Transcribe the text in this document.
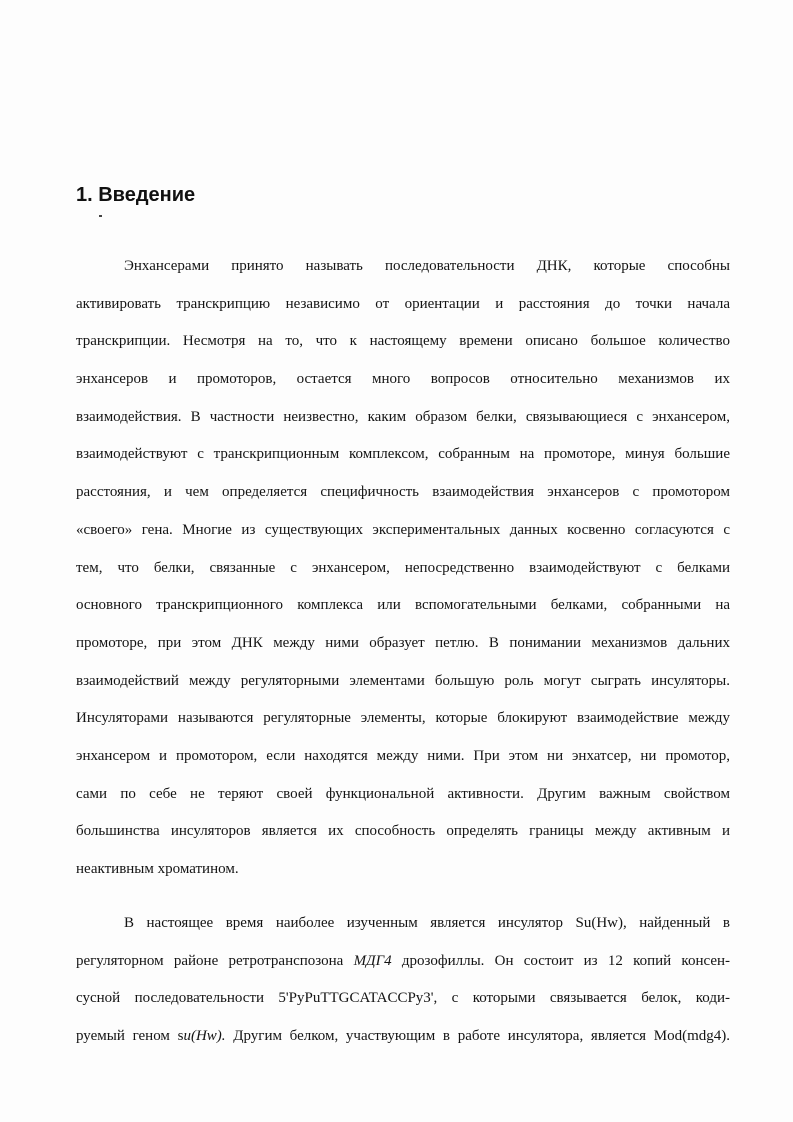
1. Введение
Энхансерами принято называть последовательности ДНК, которые способны
активировать транскрипцию независимо от ориентации и расстояния до точки начала
транскрипции. Несмотря на то, что к настоящему времени описано большое количество
энхансеров и промоторов, остается много вопросов относительно механизмов их
взаимодействия. В частности неизвестно, каким образом белки, связывающиеся с энхансером,
взаимодействуют с транскрипционным комплексом, собранным на промоторе, минуя большие
расстояния, и чем определяется специфичность взаимодействия энхансеров с промотором
«своего» гена. Многие из существующих экспериментальных данных косвенно согласуются с
тем, что белки, связанные с энхансером, непосредственно взаимодействуют с белками
основного транскрипционного комплекса или вспомогательными белками, собранными на
промоторе, при этом ДНК между ними образует петлю. В понимании механизмов дальних
взаимодействий между регуляторными элементами большую роль могут сыграть инсуляторы.
Инсуляторами называются регуляторные элементы, которые блокируют взаимодействие между
энхансером и промотором, если находятся между ними. При этом ни энхатсер, ни промотор,
сами по себе не теряют своей функциональной активности. Другим важным свойством
большинства инсуляторов является их способность определять границы между активным и
неактивным хроматином.
В настоящее время наиболее изученным является инсулятор Su(Hw), найденный в
регуляторном районе ретротранспозона МДГ4 дрозофиллы. Он состоит из 12 копий консен-
сусной последовательности 5'PyPuTTGCATACCPy3', с которыми связывается белок, коди-
руемый геном su(Hw). Другим белком, участвующим в работе инсулятора, является Mod(mdg4).
